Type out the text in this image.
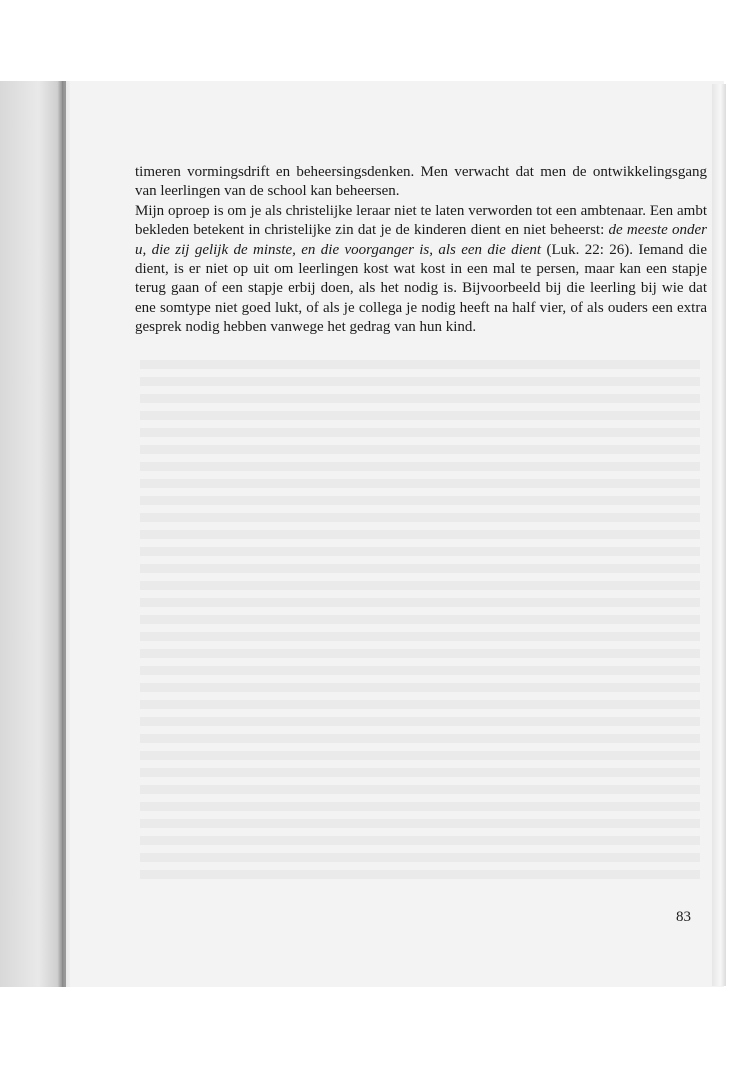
timeren vormingsdrift en beheersingsdenken. Men verwacht dat men de ontwikkelingsgang van leerlingen van de school kan beheersen.

Mijn oproep is om je als christelijke leraar niet te laten verworden tot een ambtenaar. Een ambt bekleden betekent in christelijke zin dat je de kinderen dient en niet beheerst: de meeste onder u, die zij gelijk de minste, en die voorganger is, als een die dient (Luk. 22: 26). Iemand die dient, is er niet op uit om leerlingen kost wat kost in een mal te persen, maar kan een stapje terug gaan of een stapje erbij doen, als het nodig is. Bijvoorbeeld bij die leerling bij wie dat ene somtype niet goed lukt, of als je collega je nodig heeft na half vier, of als ouders een extra gesprek nodig hebben vanwege het gedrag van hun kind.

83
